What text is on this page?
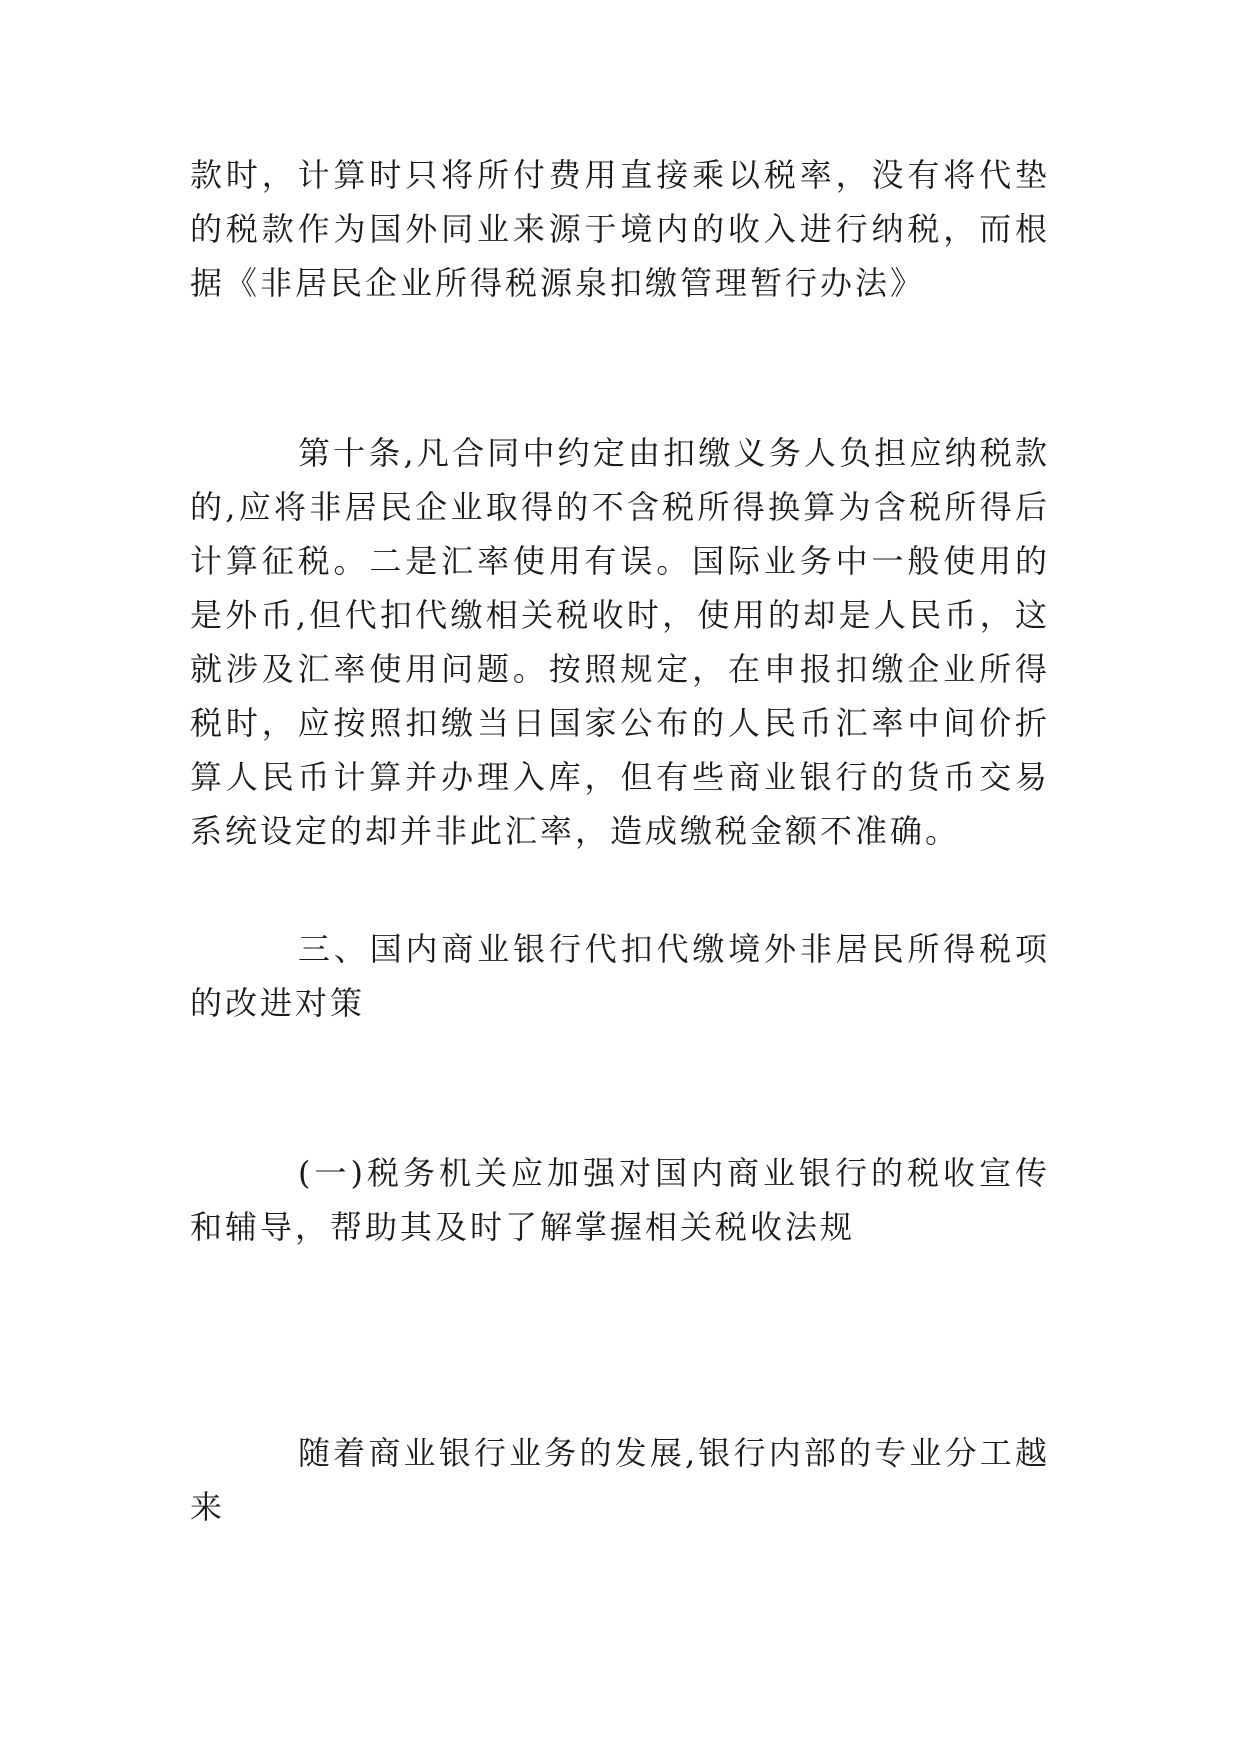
款时，计算时只将所付费用直接乘以税率，没有将代垫的税款作为国外同业来源于境内的收入进行纳税，而根据《非居民企业所得税源泉扣缴管理暂行办法》

第十条,凡合同中约定由扣缴义务人负担应纳税款的,应将非居民企业取得的不含税所得换算为含税所得后计算征税。二是汇率使用有误。国际业务中一般使用的是外币,但代扣代缴相关税收时，使用的却是人民币，这就涉及汇率使用问题。按照规定，在申报扣缴企业所得税时，应按照扣缴当日国家公布的人民币汇率中间价折算人民币计算并办理入库，但有些商业银行的货币交易系统设定的却并非此汇率，造成缴税金额不准确。

三、国内商业银行代扣代缴境外非居民所得税项的改进对策

(一)税务机关应加强对国内商业银行的税收宣传和辅导，帮助其及时了解掌握相关税收法规

随着商业银行业务的发展,银行内部的专业分工越来
